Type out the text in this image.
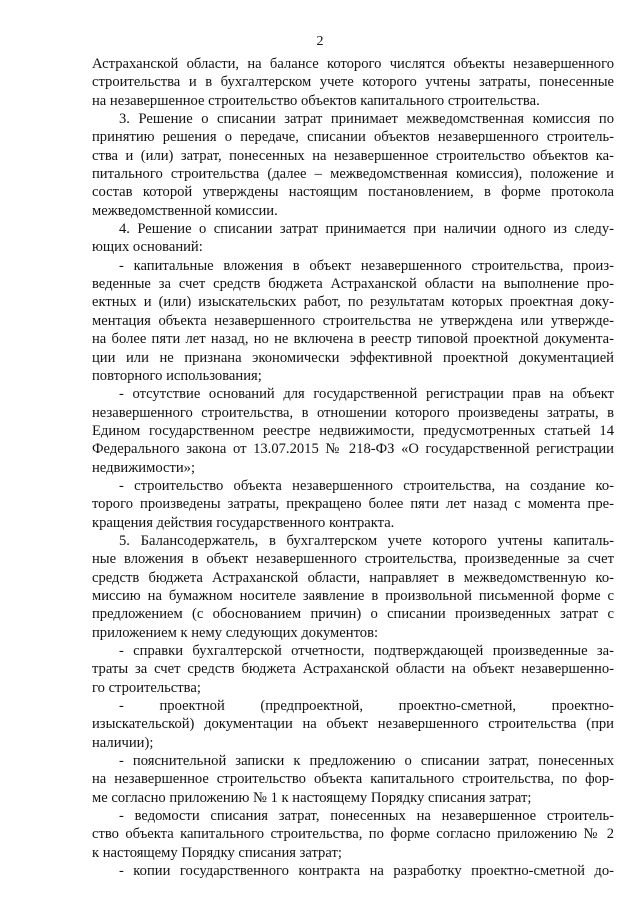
2
Астраханской области, на балансе которого числятся объекты незавершенного
строительства и в бухгалтерском учете которого учтены затраты, понесенные
на незавершенное строительство объектов капитального строительства.
3. Решение о списании затрат принимает межведомственная комиссия по
принятию решения о передаче, списании объектов незавершенного строитель-
ства и (или) затрат, понесенных на незавершенное строительство объектов ка-
питального строительства (далее – межведомственная комиссия), положение и
состав которой утверждены настоящим постановлением, в форме протокола
межведомственной комиссии.
4. Решение о списании затрат принимается при наличии одного из следу-
ющих оснований:
- капитальные вложения в объект незавершенного строительства, произ-
веденные за счет средств бюджета Астраханской области на выполнение про-
ектных и (или) изыскательских работ, по результатам которых проектная доку-
ментация объекта незавершенного строительства не утверждена или утвержде-
на более пяти лет назад, но не включена в реестр типовой проектной документа-
ции или не признана экономически эффективной проектной документацией
повторного использования;
- отсутствие оснований для государственной регистрации прав на объект
незавершенного строительства, в отношении которого произведены затраты, в
Едином государственном реестре недвижимости, предусмотренных статьей 14
Федерального закона от 13.07.2015 № 218-ФЗ «О государственной регистрации
недвижимости»;
- строительство объекта незавершенного строительства, на создание ко-
торого произведены затраты, прекращено более пяти лет назад с момента пре-
кращения действия государственного контракта.
5. Балансодержатель, в бухгалтерском учете которого учтены капиталь-
ные вложения в объект незавершенного строительства, произведенные за счет
средств бюджета Астраханской области, направляет в межведомственную ко-
миссию на бумажном носителе заявление в произвольной письменной форме с
предложением (с обоснованием причин) о списании произведенных затрат с
приложением к нему следующих документов:
- справки бухгалтерской отчетности, подтверждающей произведенные за-
траты за счет средств бюджета Астраханской области на объект незавершенно-
го строительства;
- проектной (предпроектной, проектно-сметной, проектно-
изыскательской) документации на объект незавершенного строительства (при
наличии);
- пояснительной записки к предложению о списании затрат, понесенных
на незавершенное строительство объекта капитального строительства, по фор-
ме согласно приложению № 1 к настоящему Порядку списания затрат;
- ведомости списания затрат, понесенных на незавершенное строитель-
ство объекта капитального строительства, по форме согласно приложению № 2
к настоящему Порядку списания затрат;
- копии государственного контракта на разработку проектно-сметной до-
